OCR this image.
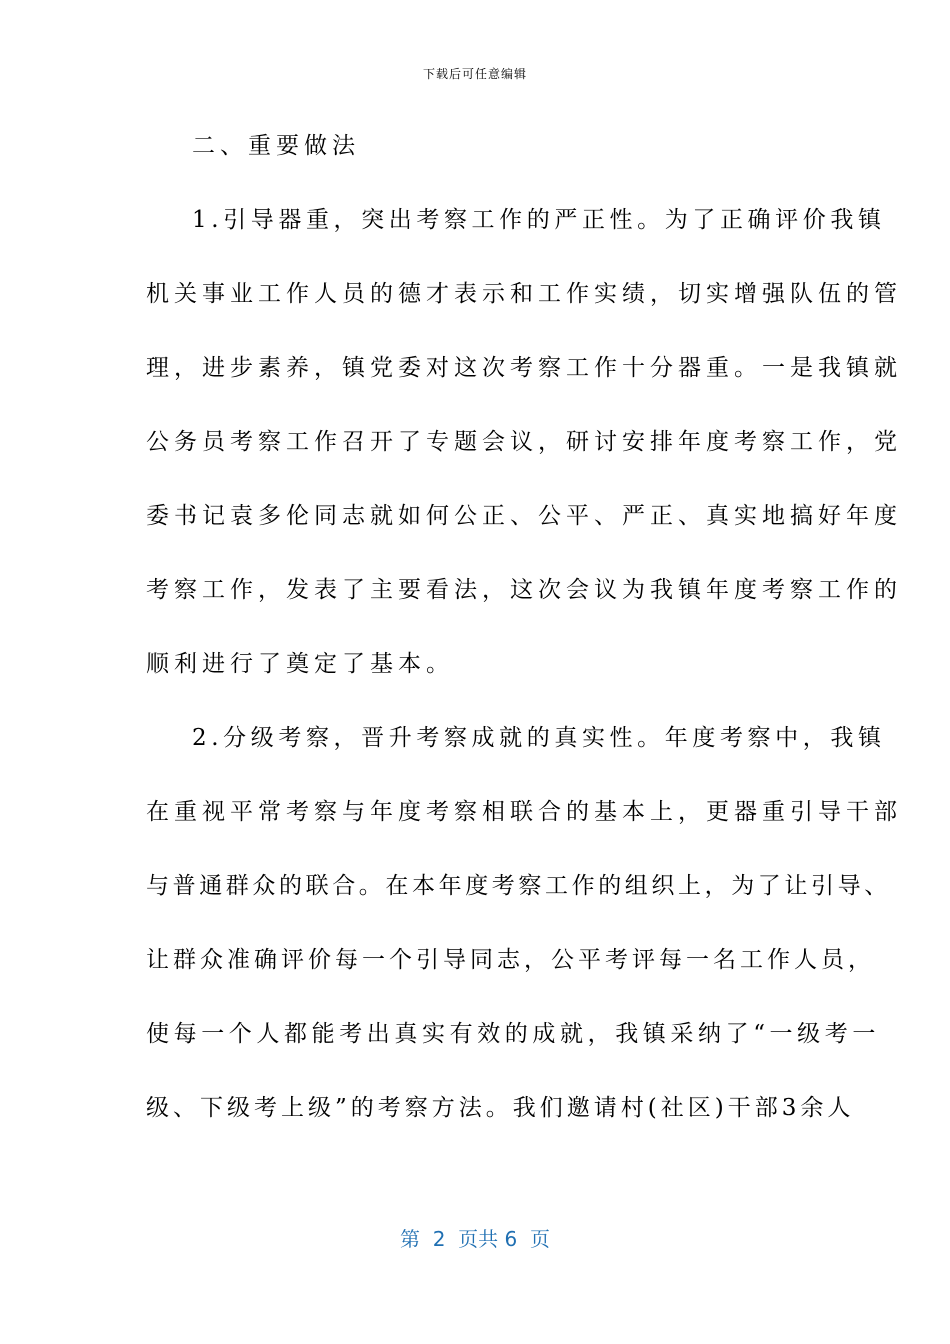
下载后可任意编辑
二、重要做法
1.引导器重，突出考察工作的严正性。为了正确评价我镇
机关事业工作人员的德才表示和工作实绩，切实增强队伍的管
理，进步素养，镇党委对这次考察工作十分器重。一是我镇就
公务员考察工作召开了专题会议，研讨安排年度考察工作，党
委书记袁多伦同志就如何公正、公平、严正、真实地搞好年度
考察工作，发表了主要看法，这次会议为我镇年度考察工作的
顺利进行了奠定了基本。
2.分级考察，晋升考察成就的真实性。年度考察中，我镇
在重视平常考察与年度考察相联合的基本上，更器重引导干部
与普通群众的联合。在本年度考察工作的组织上，为了让引导、
让群众准确评价每一个引导同志，公平考评每一名工作人员，
使每一个人都能考出真实有效的成就，我镇采纳了“一级考一
级、下级考上级”的考察方法。我们邀请村(社区)干部3余人
第  2  页共 6  页
